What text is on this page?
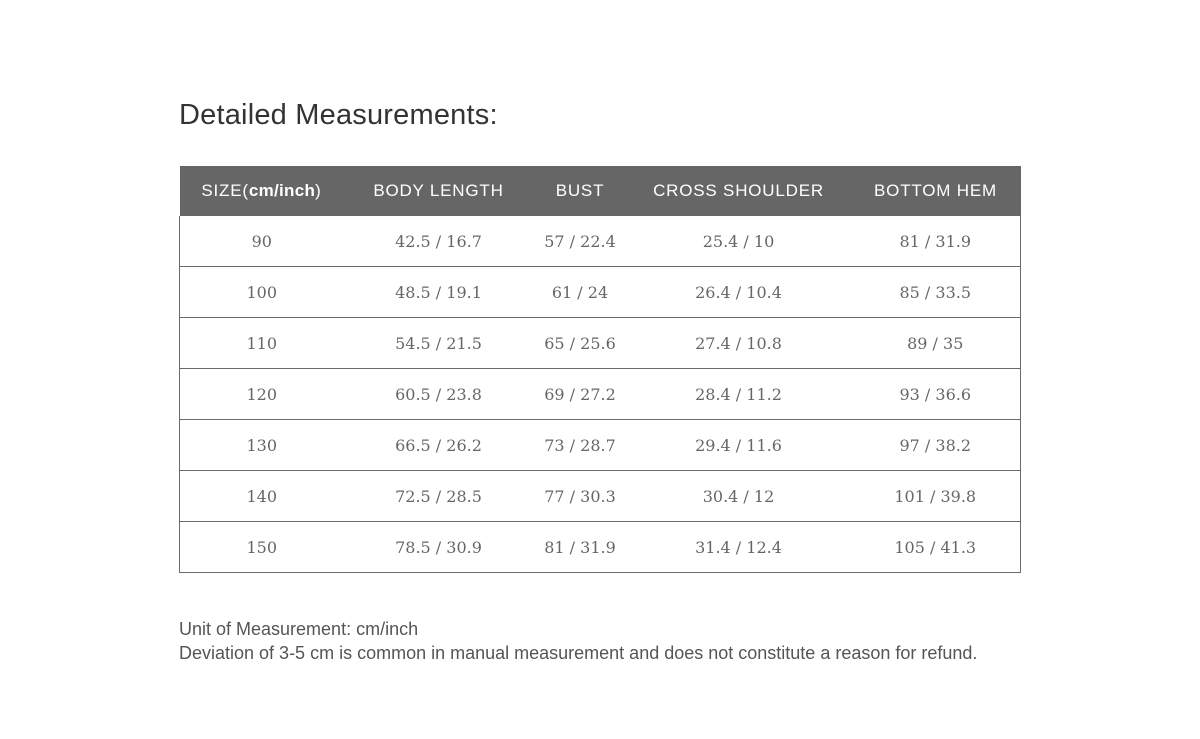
Detailed Measurements:
SIZE(cm/inch)	BODY LENGTH	BUST	CROSS SHOULDER	BOTTOM HEM
90	42.5 / 16.7	57 / 22.4	25.4 / 10	81 / 31.9
100	48.5 / 19.1	61 / 24	26.4 / 10.4	85 / 33.5
110	54.5 / 21.5	65 / 25.6	27.4 / 10.8	89 / 35
120	60.5 / 23.8	69 / 27.2	28.4 / 11.2	93 / 36.6
130	66.5 / 26.2	73 / 28.7	29.4 / 11.6	97 / 38.2
140	72.5 / 28.5	77 / 30.3	30.4 / 12	101 / 39.8
150	78.5 / 30.9	81 / 31.9	31.4 / 12.4	105 / 41.3
Unit of Measurement: cm/inch
Deviation of 3-5 cm is common in manual measurement and does not constitute a reason for refund.
